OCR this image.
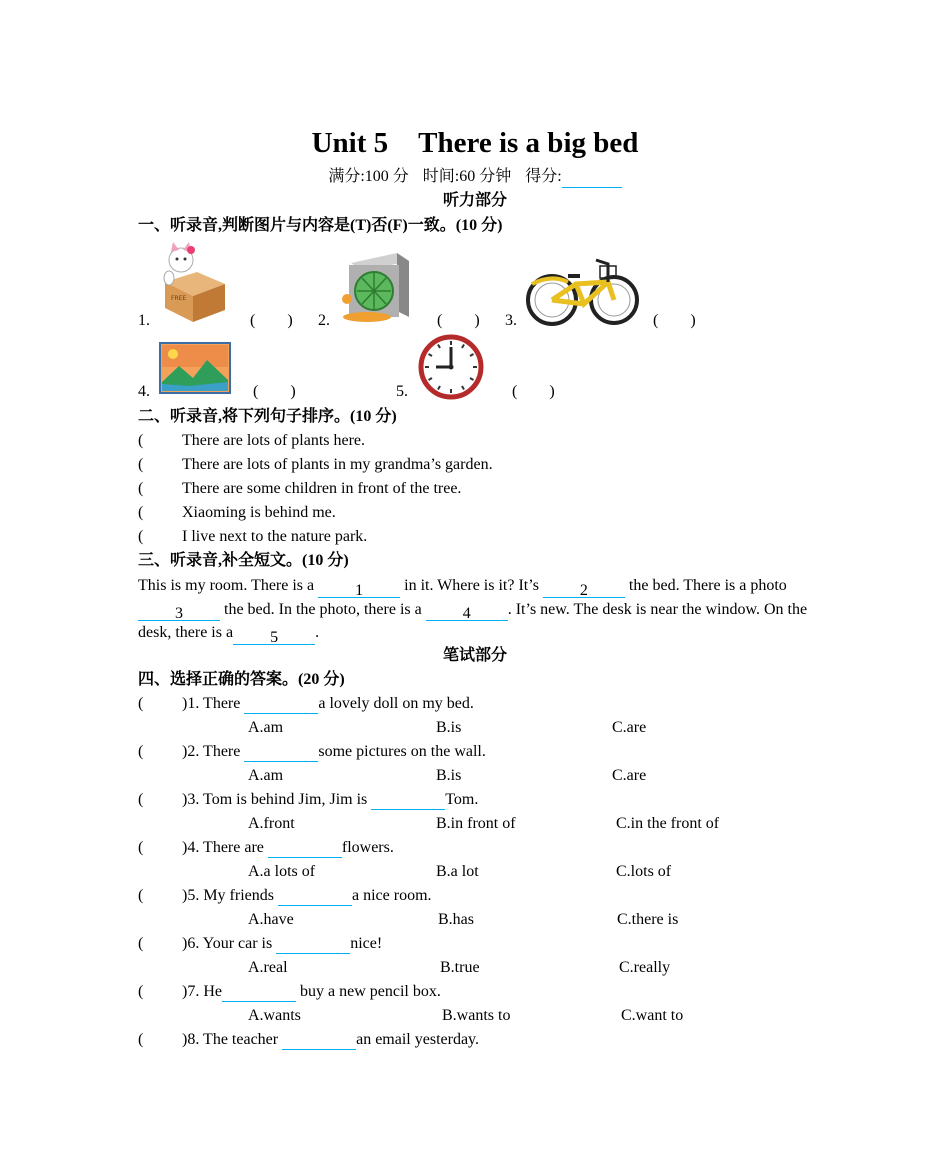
Unit 5 There is a big bed
满分:100 分 时间:60 分钟 得分:
听力部分
一、听录音,判断图片与内容是(T)否(F)一致。(10 分)
1.
FREE
(　　) 2.	(　　) 3.	(　　)
4.	(　　)	5.	(　　)
二、听录音,将下列句子排序。(10 分)
( There are lots of plants here.
( There are lots of plants in my grandma’s garden.
( There are some children in front of the tree.
( Xiaoming is behind me.
( I live next to the nature park.
三、听录音,补全短文。(10 分)
This is my room. There is a 1 in it. Where is it? It’s 2 the bed. There is a photo 3 the bed. In the photo, there is a 4 . It’s new. The desk is near the window. On the desk, there is a 5 .
笔试部分
四、选择正确的答案。(20 分)
( )1. There	a lovely doll on my bed.
A.am	B.is	C.are
( )2. There	some pictures on the wall.
A.am	B.is	C.are
( )3. Tom is behind Jim, Jim is	Tom.
A.front	B.in front of	C.in the front of
( )4. There are	flowers.
A.a lots of	B.a lot	C.lots of
( )5. My friends	a nice room.
A.have	B.has	C.there is
( )6. Your car is	nice!
A.real	B.true	C.really
( )7. He	buy a new pencil box.
A.wants	B.wants to	C.want to
( )8. The teacher	an email yesterday.
